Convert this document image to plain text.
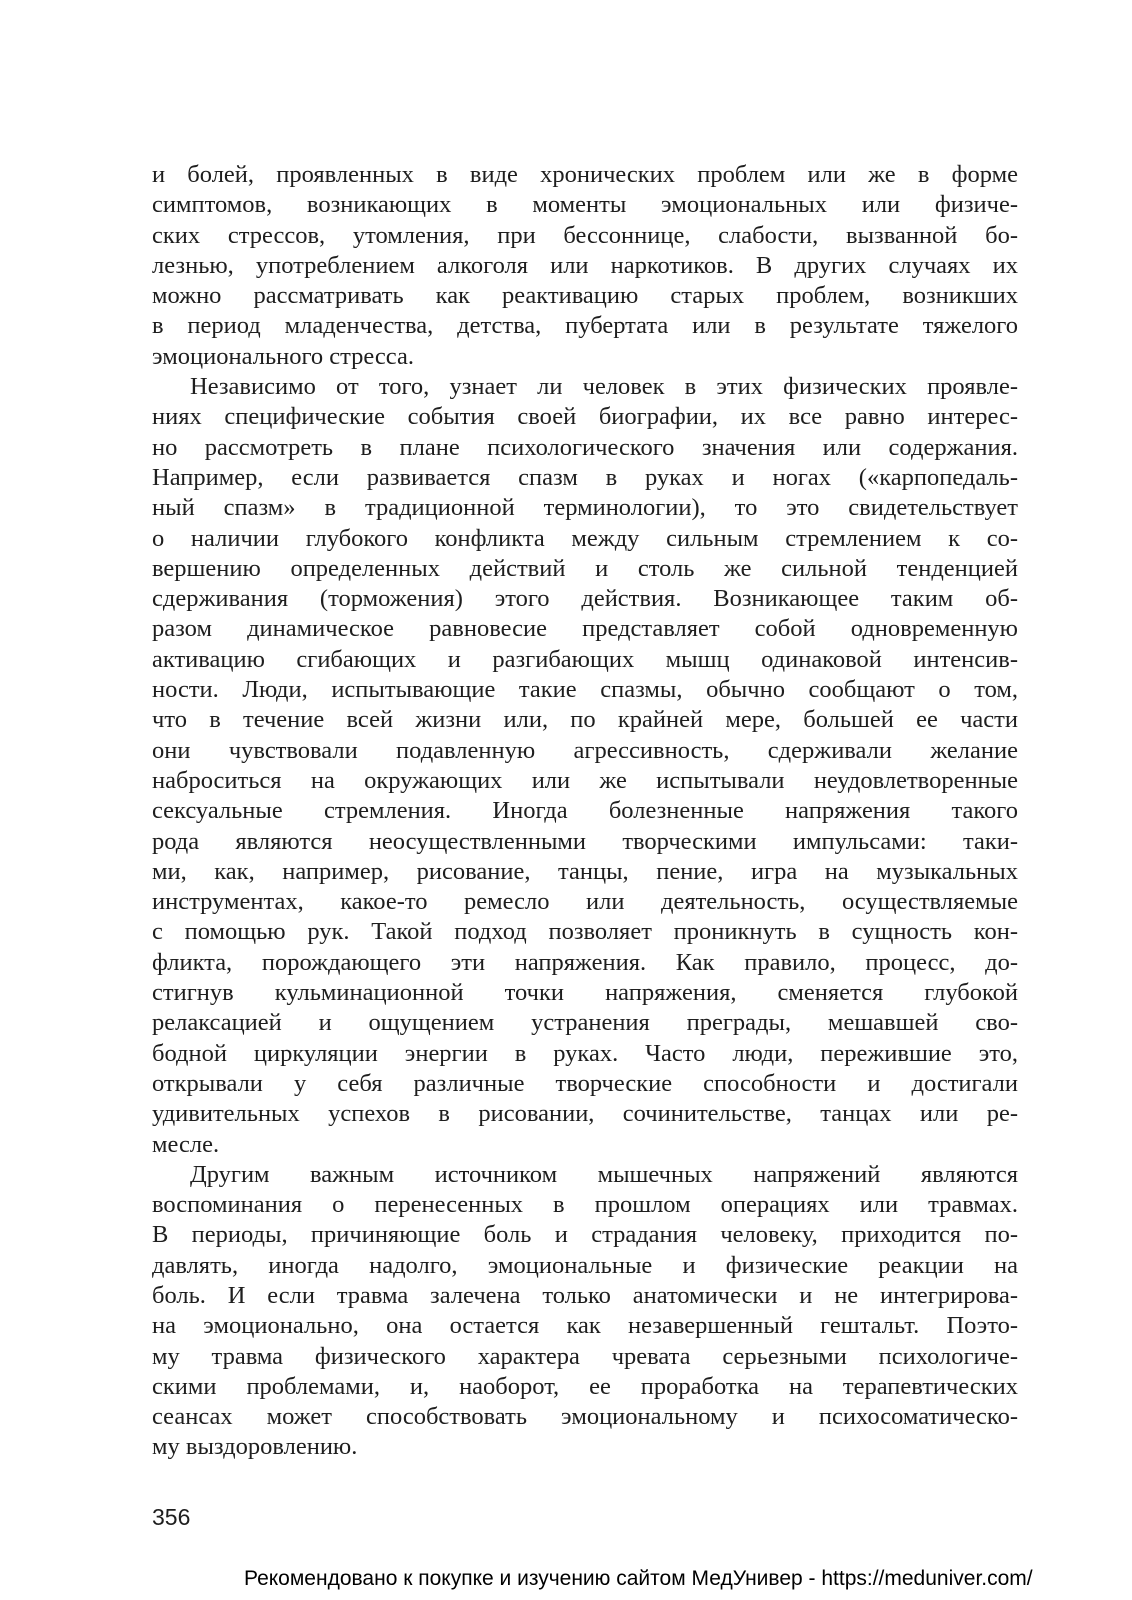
и болей, проявленных в виде хронических проблем или же в форме
симптомов, возникающих в моменты эмоциональных или физиче-
ских стрессов, утомления, при бессоннице, слабости, вызванной бо-
лезнью, употреблением алкоголя или наркотиков. В других случаях их
можно рассматривать как реактивацию старых проблем, возникших
в период младенчества, детства, пубертата или в результате тяжелого
эмоционального стресса.
Независимо от того, узнает ли человек в этих физических проявле-
ниях специфические события своей биографии, их все равно интерес-
но рассмотреть в плане психологического значения или содержания.
Например, если развивается спазм в руках и ногах («карпопедаль-
ный спазм» в традиционной терминологии), то это свидетельствует
о наличии глубокого конфликта между сильным стремлением к со-
вершению определенных действий и столь же сильной тенденцией
сдерживания (торможения) этого действия. Возникающее таким об-
разом динамическое равновесие представляет собой одновременную
активацию сгибающих и разгибающих мышц одинаковой интенсив-
ности. Люди, испытывающие такие спазмы, обычно сообщают о том,
что в течение всей жизни или, по крайней мере, большей ее части
они чувствовали подавленную агрессивность, сдерживали желание
наброситься на окружающих или же испытывали неудовлетворенные
сексуальные стремления. Иногда болезненные напряжения такого
рода являются неосуществленными творческими импульсами: таки-
ми, как, например, рисование, танцы, пение, игра на музыкальных
инструментах, какое-то ремесло или деятельность, осуществляемые
с помощью рук. Такой подход позволяет проникнуть в сущность кон-
фликта, порождающего эти напряжения. Как правило, процесс, до-
стигнув кульминационной точки напряжения, сменяется глубокой
релаксацией и ощущением устранения преграды, мешавшей сво-
бодной циркуляции энергии в руках. Часто люди, пережившие это,
открывали у себя различные творческие способности и достигали
удивительных успехов в рисовании, сочинительстве, танцах или ре-
месле.
Другим важным источником мышечных напряжений являются
воспоминания о перенесенных в прошлом операциях или травмах.
В периоды, причиняющие боль и страдания человеку, приходится по-
давлять, иногда надолго, эмоциональные и физические реакции на
боль. И если травма залечена только анатомически и не интегрирова-
на эмоционально, она остается как незавершенный гештальт. Поэто-
му травма физического характера чревата серьезными психологиче-
скими проблемами, и, наоборот, ее проработка на терапевтических
сеансах может способствовать эмоциональному и психосоматическо-
му выздоровлению.
356
Рекомендовано к покупке и изучению сайтом МедУнивер - https://meduniver.com/
